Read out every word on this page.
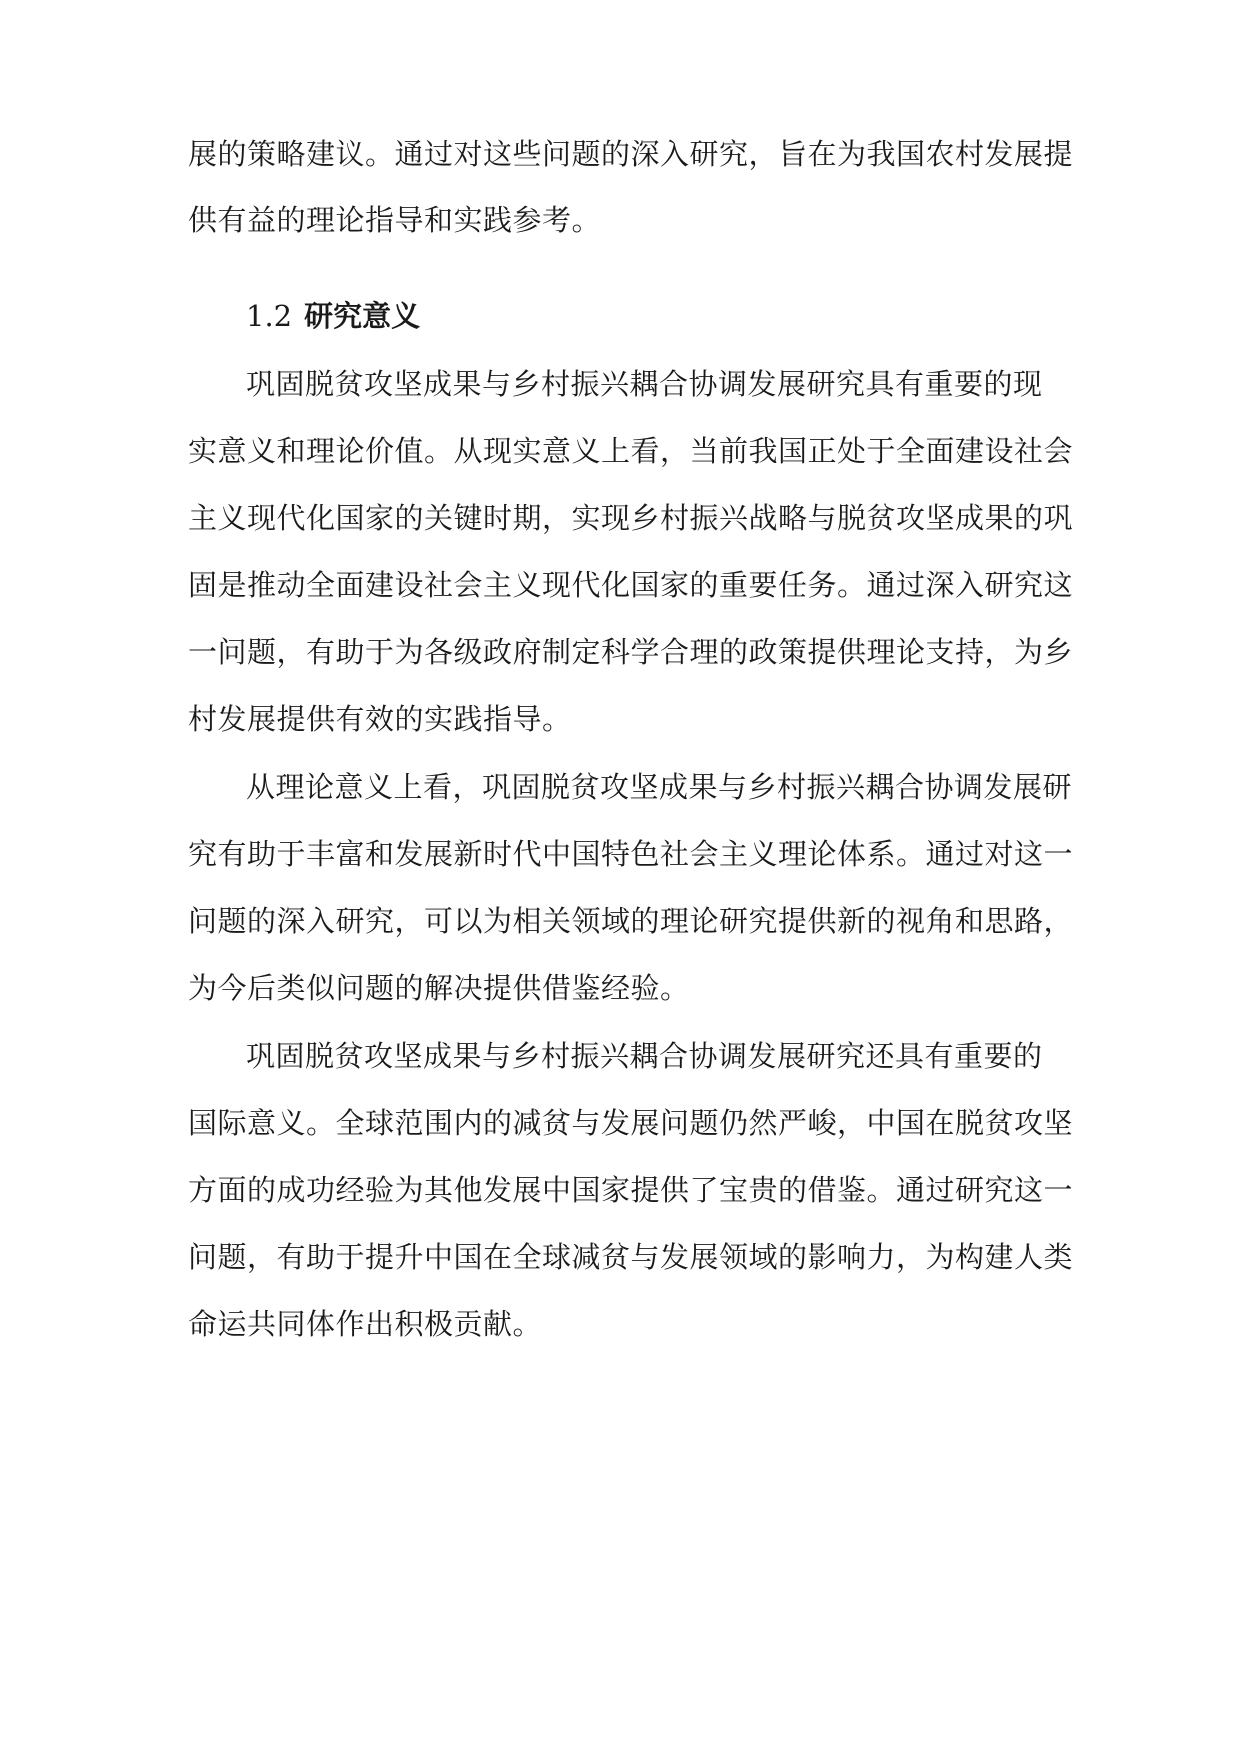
展的策略建议。通过对这些问题的深入研究，旨在为我国农村发展提
供有益的理论指导和实践参考。
1.2 研究意义
巩固脱贫攻坚成果与乡村振兴耦合协调发展研究具有重要的现
实意义和理论价值。从现实意义上看，当前我国正处于全面建设社会
主义现代化国家的关键时期，实现乡村振兴战略与脱贫攻坚成果的巩
固是推动全面建设社会主义现代化国家的重要任务。通过深入研究这
一问题，有助于为各级政府制定科学合理的政策提供理论支持，为乡
村发展提供有效的实践指导。
从理论意义上看，巩固脱贫攻坚成果与乡村振兴耦合协调发展研
究有助于丰富和发展新时代中国特色社会主义理论体系。通过对这一
问题的深入研究，可以为相关领域的理论研究提供新的视角和思路，
为今后类似问题的解决提供借鉴经验。
巩固脱贫攻坚成果与乡村振兴耦合协调发展研究还具有重要的
国际意义。全球范围内的减贫与发展问题仍然严峻，中国在脱贫攻坚
方面的成功经验为其他发展中国家提供了宝贵的借鉴。通过研究这一
问题，有助于提升中国在全球减贫与发展领域的影响力，为构建人类
命运共同体作出积极贡献。
